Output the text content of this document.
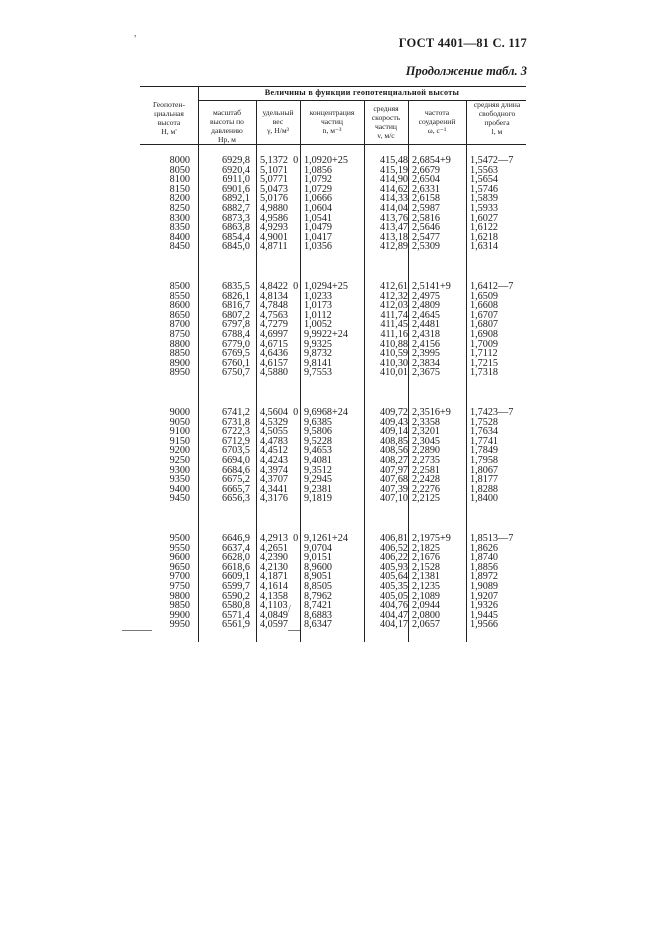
ГОСТ 4401—81 С. 117
Продолжение табл. 3
,
/
Величины в функции геопотенциальной высоты
Геопотен-
циальная
высота
H, м'
масштаб
высоты по
давлению
Hp, м
удельный
вес
γ, Н/м³
концентрация
частиц
n, м⁻³
средняя
скорость
частиц
v, м/с
частота
соударений
ω, с⁻¹
средняя длина
свободного
пробега
l, м
8000
8050
8100
8150
8200
8250
8300
8350
8400
8450
8500
8550
8600
8650
8700
8750
8800
8850
8900
8950
9000
9050
9100
9150
9200
9250
9300
9350
9400
9450
9500
9550
9600
9650
9700
9750
9800
9850
9900
9950
6929,8
6920,4
6911,0
6901,6
6892,1
6882,7
6873,3
6863,8
6854,4
6845,0
6835,5
6826,1
6816,7
6807,2
6797,8
6788,4
6779,0
6769,5
6760,1
6750,7
6741,2
6731,8
6722,3
6712,9
6703,5
6694,0
6684,6
6675,2
6665,7
6656,3
6646,9
6637,4
6628,0
6618,6
6609,1
6599,7
6590,2
6580,8
6571,4
6561,9
5,1372  0
5,1071
5,0771
5,0473
5,0176
4,9880
4,9586
4,9293
4,9001
4,8711
4,8422  0
4,8134
4,7848
4,7563
4,7279
4,6997
4,6715
4,6436
4,6157
4,5880
4,5604  0
4,5329
4,5055
4,4783
4,4512
4,4243
4,3974
4,3707
4,3441
4,3176
4,2913  0
4,2651
4,2390
4,2130
4,1871
4,1614
4,1358
4,1103
4,0849
4,0597
1,0920+25
1,0856
1,0792
1,0729
1,0666
1,0604
1,0541
1,0479
1,0417
1,0356
1,0294+25
1,0233
1,0173
1,0112
1,0052
9,9922+24
9,9325
9,8732
9,8141
9,7553
9,6968+24
9,6385
9,5806
9,5228
9,4653
9,4081
9,3512
9,2945
9,2381
9,1819
9,1261+24
9,0704
9,0151
8,9600
8,9051
8,8505
8,7962
8,7421
8,6883
8,6347
415,48
415,19
414,90
414,62
414,33
414,04
413,76
413,47
413,18
412,89
412,61
412,32
412,03
411,74
411,45
411,16
410,88
410,59
410,30
410,01
409,72
409,43
409,14
408,85
408,56
408,27
407,97
407,68
407,39
407,10
406,81
406,52
406,22
405,93
405,64
405,35
405,05
404,76
404,47
404,17
2,6854+9
2,6679
2,6504
2,6331
2,6158
2,5987
2,5816
2,5646
2,5477
2,5309
2,5141+9
2,4975
2,4809
2,4645
2,4481
2,4318
2,4156
2,3995
2,3834
2,3675
2,3516+9
2,3358
2,3201
2,3045
2,2890
2,2735
2,2581
2,2428
2,2276
2,2125
2,1975+9
2,1825
2,1676
2,1528
2,1381
2,1235
2,1089
2,0944
2,0800
2,0657
1,5472—7
1,5563
1,5654
1,5746
1,5839
1,5933
1,6027
1,6122
1,6218
1,6314
1,6412—7
1,6509
1,6608
1,6707
1,6807
1,6908
1,7009
1,7112
1,7215
1,7318
1,7423—7
1,7528
1,7634
1,7741
1,7849
1,7958
1,8067
1,8177
1,8288
1,8400
1,8513—7
1,8626
1,8740
1,8856
1,8972
1,9089
1,9207
1,9326
1,9445
1,9566
